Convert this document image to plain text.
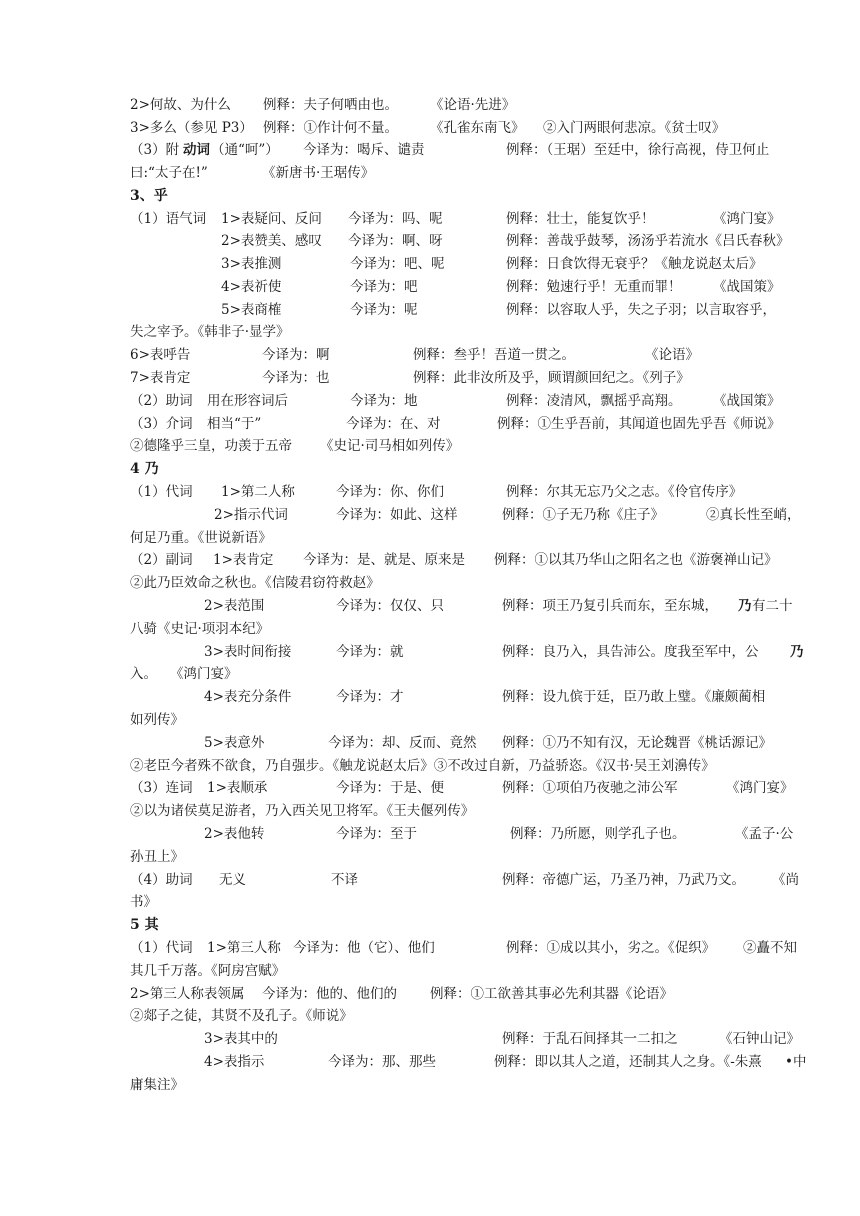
2>何故、为什么 例释：夫子何哂由也。 《论语·先进》
3>多么（参见 P3） 例释：①作计何不量。 《孔雀东南飞》 ②入门两眼何悲凉。《贫士叹》
（3）附 动词 （通“呵”） 今译为：喝斥、谴责	例释：（王琚）至廷中，徐行高视，侍卫何止
曰:“太子在!”	《新唐书·王琚传》
3、乎
（1）语气词 1>表疑问、反问 今译为：吗、呢	例释：壮士，能复饮乎！	《鸿门宴》
2>表赞美、感叹 今译为：啊、呀	例释：善哉乎鼓琴，汤汤乎若流水《吕氏春秋》
3>表推测	今译为：吧、呢	例释：日食饮得无衰乎？《触龙说赵太后》
4>表祈使	今译为：吧	例释：勉速行乎！无重而罪！ 《战国策》
5>表商榷	今译为：呢	例释：以容取人乎，失之子羽；以言取容乎，
失之宰予。《韩非子·显学》
6>表呼告	今译为：啊	例释：叁乎！吾道一贯之。	《论语》
7>表肯定	今译为：也	例释：此非汝所及乎，顾谓颜回纪之。《列子》
（2）助词 用在形容词后	今译为：地	例释：凌清风，飘摇乎高翔。 《战国策》
（3）介词 相当“于”	今译为：在、对	例释：①生乎吾前，其闻道也固先乎吾《师说》
②德隆乎三皇，功羡于五帝 《史记·司马相如列传》
4 乃
（1）代词 1>第二人称	今译为：你、你们	例释：尔其无忘乃父之志。《伶官传序》
2>指示代词	今译为：如此、这样	例释：①子无乃称《庄子》	②真长性至峭，
何足乃重。《世说新语》
（2）副词 1>表肯定 今译为：是、就是、原来是 例释：①以其乃华山之阳名之也《游褒禅山记》
②此乃臣效命之秋也。《信陵君窃符救赵》
2>表范围	今译为：仅仅、只	例释：项王乃复引兵而东，至东城， 乃 有二十
八骑《史记·项羽本纪》
3>表时间衔接	今译为：就	例释：良乃入，具告沛公。度我至军中，公 乃
入。 《鸿门宴》
4>表充分条件	今译为：才	例释：设九傧于廷，臣乃敢上璧。《廉颇蔺相
如列传》
5>表意外	今译为：却、反而、竟然 例释：①乃不知有汉，无论魏晋《桃话源记》
②老臣今者殊不欲食，乃自强步。《触龙说赵太后》③不改过自新，乃益骄恣。《汉书·吴王刘濞传》
（3）连词 1>表顺承	今译为：于是、便	例释：①项伯乃夜驰之沛公军	《鸿门宴》
②以为诸侯莫足游者，乃入西关见卫将军。《王夫偃列传》
2>表他转	今译为：至于	例释：乃所愿，则学孔子也。	《孟子·公
孙丑上》
（4）助词 无义	不译	例释：帝德广运，乃圣乃神，乃武乃文。 《尚
书》
5 其
（1）代词 1>第三人称 今译为：他（它）、他们	例释：①成以其小，劣之。《促织》 ②矗不知
其几千万落。《阿房宫赋》
2>第三人称表领属 今译为：他的、他们的 例释：①工欲善其事必先利其器《论语》
②郯子之徒，其贤不及孔子。《师说》
3>表其中的	例释：于乱石间择其一二扣之	《石钟山记》
4>表指示	今译为：那、那些	例释：即以其人之道，还制其人之身。《-朱熹 •中
庸集注》
